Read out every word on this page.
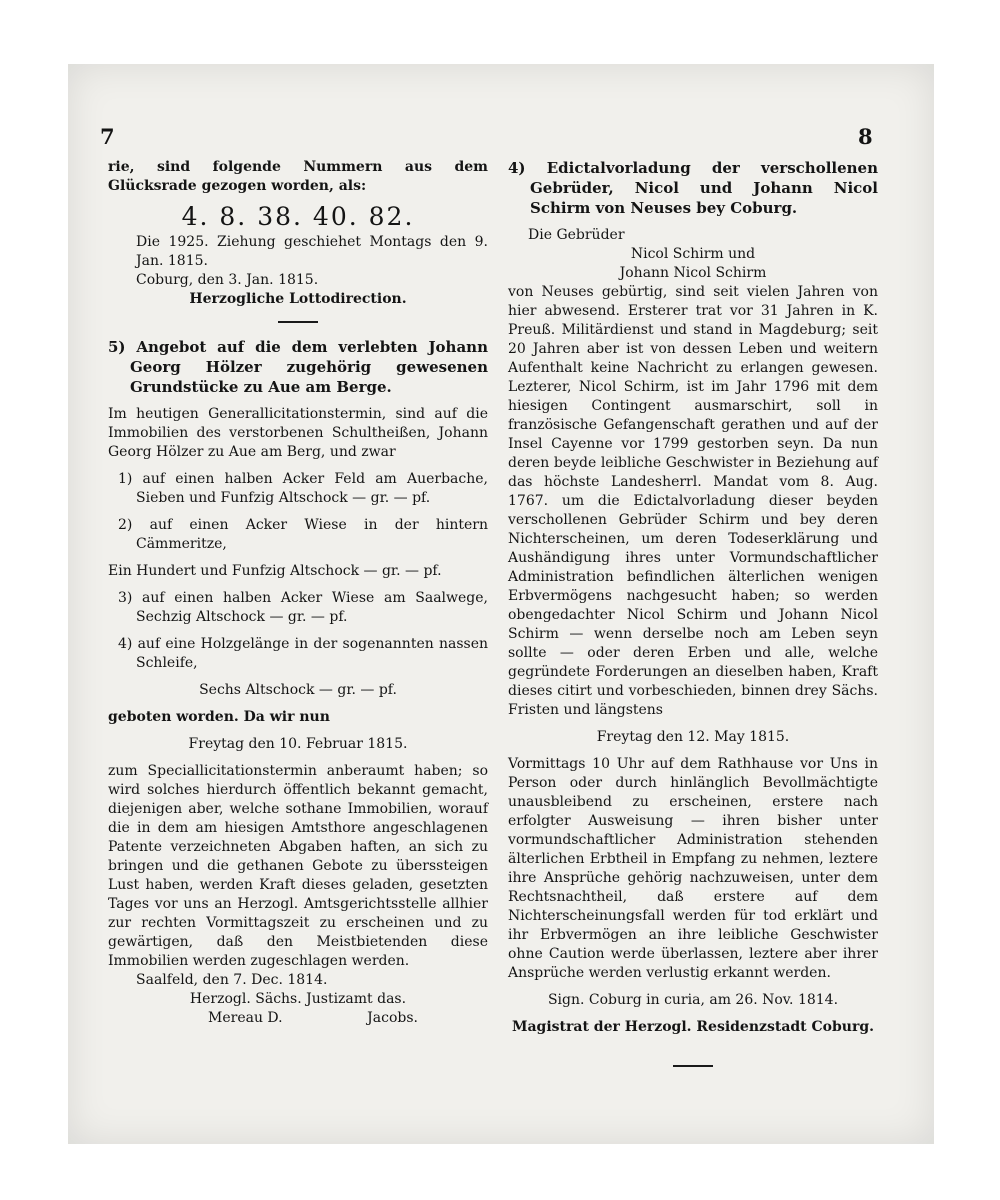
7	8

rie, sind folgende Nummern aus dem Glücksrade gezogen worden, als:

4. 8. 38. 40. 82.

Die 1925. Ziehung geschiehet Montags den 9. Jan. 1815.

Coburg, den 3. Jan. 1815.

Herzogliche Lottodirection.

5) Angebot auf die dem verlebten Johann Georg Hölzer zugehörig gewesenen Grundstücke zu Aue am Berge.

Im heutigen Generallicitationstermin, sind auf die Immobilien des verstorbenen Schultheißen, Johann Georg Hölzer zu Aue am Berg, und zwar

1) auf einen halben Acker Feld am Auerbache, Sieben und Funfzig Altschock — gr. — pf.

2) auf einen Acker Wiese in der hintern Cämmeritze,

Ein Hundert und Funfzig Altschock — gr. — pf.

3) auf einen halben Acker Wiese am Saalwege, Sechzig Altschock — gr. — pf.

4) auf eine Holzgelänge in der sogenannten nassen Schleife,

Sechs Altschock — gr. — pf.

geboten worden. Da wir nun

Freytag den 10. Februar 1815.

zum Speciallicitationstermin anberaumt haben; so wird solches hierdurch öffentlich bekannt gemacht, diejenigen aber, welche sothane Immobilien, worauf die in dem am hiesigen Amtsthore angeschlagenen Patente verzeichneten Abgaben haften, an sich zu bringen und die gethanen Gebote zu überssteigen Lust haben, werden Kraft dieses geladen, gesetzten Tages vor uns an Herzogl. Amtsgerichtsstelle allhier zur rechten Vormittagszeit zu erscheinen und zu gewärtigen, daß den Meistbietenden diese Immobilien werden zugeschlagen werden.

Saalfeld, den 7. Dec. 1814.

Herzogl. Sächs. Justizamt das.

Mereau D.	Jacobs.

4) Edictalvorladung der verschollenen Gebrüder, Nicol und Johann Nicol Schirm von Neuses bey Coburg.

Die Gebrüder

Nicol Schirm und

Johann Nicol Schirm

von Neuses gebürtig, sind seit vielen Jahren von hier abwesend. Ersterer trat vor 31 Jahren in K. Preuß. Militärdienst und stand in Magdeburg; seit 20 Jahren aber ist von dessen Leben und weitern Aufenthalt keine Nachricht zu erlangen gewesen. Lezterer, Nicol Schirm, ist im Jahr 1796 mit dem hiesigen Contingent ausmarschirt, soll in französische Gefangenschaft gerathen und auf der Insel Cayenne vor 1799 gestorben seyn. Da nun deren beyde leibliche Geschwister in Beziehung auf das höchste Landesherrl. Mandat vom 8. Aug. 1767. um die Edictalvorladung dieser beyden verschollenen Gebrüder Schirm und bey deren Nichterscheinen, um deren Todeserklärung und Aushändigung ihres unter Vormundschaftlicher Administration befindlichen älterlichen wenigen Erbvermögens nachgesucht haben; so werden obengedachter Nicol Schirm und Johann Nicol Schirm — wenn derselbe noch am Leben seyn sollte — oder deren Erben und alle, welche gegründete Forderungen an dieselben haben, Kraft dieses citirt und vorbeschieden, binnen drey Sächs. Fristen und längstens

Freytag den 12. May 1815.

Vormittags 10 Uhr auf dem Rathhause vor Uns in Person oder durch hinlänglich Bevollmächtigte unausbleibend zu erscheinen, erstere nach erfolgter Ausweisung — ihren bisher unter vormundschaftlicher Administration stehenden älterlichen Erbtheil in Empfang zu nehmen, leztere ihre Ansprüche gehörig nachzuweisen, unter dem Rechtsnachtheil, daß erstere auf dem Nichterscheinungsfall werden für tod erklärt und ihr Erbvermögen an ihre leibliche Geschwister ohne Caution werde überlassen, leztere aber ihrer Ansprüche werden verlustig erkannt werden.

Sign. Coburg in curia, am 26. Nov. 1814.

Magistrat der Herzogl. Residenzstadt Coburg.
